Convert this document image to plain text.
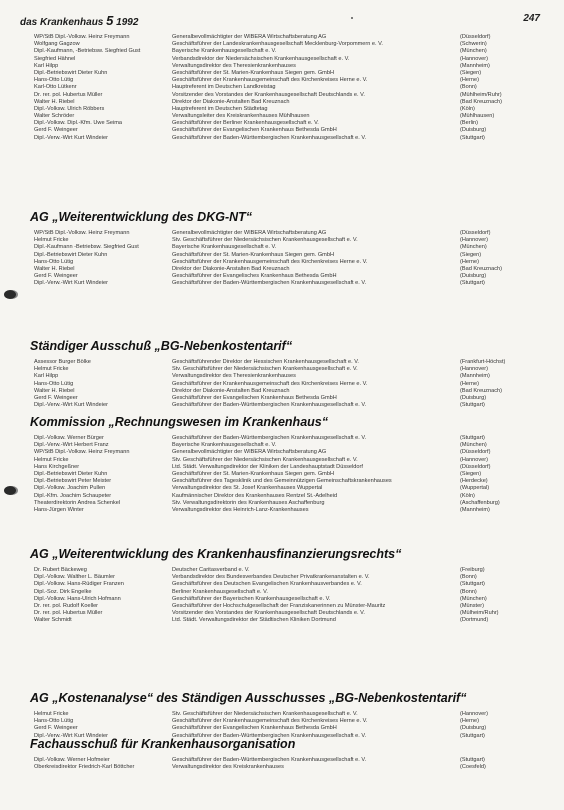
das Krankenhaus 5 1992	247
WP/StB Dipl.-Volksw. Heinz Freymann	Generalbevollmächtigter der WIBERA Wirtschaftsberatung AG	(Düsseldorf)
Wolfgang Gagzow	Geschäftsführer der Landeskrankenhausgesellschaft Mecklenburg-Vorpommern e. V.	(Schwerin)
Dipl.-Kaufmann, -Betriebsw. Siegfried Gust	Bayerische Krankenhausgesellschaft e. V.	(München)
Siegfried Hähnel	Verbandsdirektor der Niedersächsischen Krankenhausgesellschaft e. V.	(Hannover)
Karl Hilpp	Verwaltungsdirektor des Theresienkrankenhauses	(Mannheim)
Dipl.-Betriebswirt Dieter Kuhn	Geschäftsführer der St. Marien-Krankenhaus Siegen gem. GmbH	(Siegen)
Hans-Otto Lütig	Geschäftsführer der Krankenhausgemeinschaft des Kirchenkreises Herne e. V.	(Herne)
Karl-Otto Lütkenr	Hauptreferent im Deutschen Landkreistag	(Bonn)
Dr. rer. pol. Hubertus Müller	Vorsitzender des Vorstandes der Krankenhausgesellschaft Deutschlands e. V.	(Mühlheim/Ruhr)
Walter H. Riebel	Direktor der Diakonie-Anstalten Bad Kreuznach	(Bad Kreuznach)
Dipl.-Volksw. Ulrich Röbbers	Hauptreferent im Deutschen Städtetag	(Köln)
Walter Schröder	Verwaltungsleiter des Kreiskrankenhauses Mühlhausen	(Mühlhausen)
Dipl.-Volksw. Dipl.-Kfm. Uwe Seima	Geschäftsführer der Berliner Krankenhausgesellschaft e. V.	(Berlin)
Gerd F. Weingeer	Geschäftsführer der Evangelischen Krankenhaus Bethesda GmbH	(Duisburg)
Dipl.-Verw.-Wirt Kurt Windeier	Geschäftsführer der Baden-Württembergischen Krankenhausgesellschaft e. V.	(Stuttgart)
AG „Weiterentwicklung des DKG-NT“
WP/StB Dipl.-Volksw. Heinz Freymann	Generalbevollmächtigter der WIBERA Wirtschaftsberatung AG	(Düsseldorf)
Helmut Fricke	Stv. Geschäftsführer der Niedersächsischen Krankenhausgesellschaft e. V.	(Hannover)
Dipl.-Kaufmann -Betriebsw. Siegfried Gust	Bayerische Krankenhausgesellschaft e. V.	(München)
Dipl.-Betriebswirt Dieter Kuhn	Geschäftsführer der St. Marien-Krankenhaus Siegen gem. GmbH	(Siegen)
Hans-Otto Lütig	Geschäftsführer der Krankenhausgemeinschaft des Kirchenkreises Herne e. V.	(Herne)
Walter H. Riebel	Direktor der Diakonie-Anstalten Bad Kreuznach	(Bad Kreuznach)
Gerd F. Weingeer	Geschäftsführer der Evangelisches Krankenhaus Bethesda GmbH	(Duisburg)
Dipl.-Verw.-Wirt Kurt Windeier	Geschäftsführer der Baden-Württembergischen Krankenhausgesellschaft e. V.	(Stuttgart)
Ständiger Ausschuß „BG-Nebenkostentarif“
Assessor Burger Bölke	Geschäftsführender Direktor der Hessischen Krankenhausgesellschaft e. V.	(Frankfurt-Höchst)
Helmut Fricke	Stv. Geschäftsführer der Niedersächsischen Krankenhausgesellschaft e. V.	(Hannover)
Karl Hilpp	Verwaltungsdirektor des Theresienkrankenhauses	(Mannheim)
Hans-Otto Lütig	Geschäftsführer der Krankenhausgemeinschaft des Kirchenkreises Herne e. V.	(Herne)
Walter H. Riebel	Direktor der Diakonie-Anstalten Bad Kreuznach	(Bad Kreuznach)
Gerd F. Weingeer	Geschäftsführer der Evangelischen Krankenhaus Bethesda GmbH	(Duisburg)
Dipl.-Verw.-Wirt Kurt Windeier	Geschäftsführer der Baden-Württembergischen Krankenhausgesellschaft e. V.	(Stuttgart)
Kommission „Rechnungswesen im Krankenhaus“
Dipl.-Volksw. Werner Bürger	Geschäftsführer der Baden-Württembergischen Krankenhausgesellschaft e. V.	(Stuttgart)
Dipl.-Verw.-Wirt Herbert Franz	Bayerische Krankenhausgesellschaft e. V.	(München)
WP/StB Dipl.-Volksw. Heinz Freymann	Generalbevollmächtigter der WIBERA Wirtschaftsberatung AG	(Düsseldorf)
Helmut Fricke	Stv. Geschäftsführer der Niedersächsischen Krankenhausgesellschaft e. V.	(Hannover)
Hans Kirchgeßner	Ltd. Städt. Verwaltungsdirektor der Kliniken der Landeshauptstadt Düsseldorf	(Düsseldorf)
Dipl.-Betriebswirt Dieter Kuhn	Geschäftsführer der St. Marien-Krankenhaus Siegen gem. GmbH	(Siegen)
Dipl.-Betriebswirt Peter Meister	Geschäftsführer des Tagesklinik und des Gemeinnützigen Gemeinschaftskrankenhauses	(Herdecke)
Dipl.-Volksw. Joachim Pullen	Verwaltungsdirektor des St. Josef Krankenhauses Wuppertal	(Wuppertal)
Dipl.-Kfm. Joachim Schaupeter	Kaufmännischer Direktor des Krankenhauses Rentzel St.-Adelheid	(Köln)
Theaterdirektorin Andrea Schenkel	Stv. Verwaltungsdirektorin des Krankenhauses Aschaffenburg	(Aschaffenburg)
Hans-Jürgen Winter	Verwaltungsdirektor des Heinrich-Lanz-Krankenhauses	(Mannheim)
AG „Weiterentwicklung des Krankenhausfinanzierungsrechts“
Dr. Rubert Bäckeweg	Deutscher Caritasverband e. V.	(Freiburg)
Dipl.-Volksw. Walther L. Bäumler	Verbandsdirektor des Bundesverbandes Deutscher Privatkrankenanstalten e. V.	(Bonn)
Dipl.-Volksw. Hans-Rüdiger Franzen	Geschäftsführer des Deutschen Evangelischen Krankenhausverbandes e. V.	(Stuttgart)
Dipl.-Soz. Dirk Engelke	Berliner Krankenhausgesellschaft e. V.	(Bonn)
Dipl.-Volksw. Hans-Ulrich Hofmann	Geschäftsführer der Bayerischen Krankenhausgesellschaft e. V.	(München)
Dr. rer. pol. Rudolf Koeller	Geschäftsführer der Hochschulgesellschaft der Franziskanerinnen zu Münster-Mauritz	(Münster)
Dr. rer. pol. Hubertus Müller	Vorsitzender des Vorstandes der Krankenhausgesellschaft Deutschlands e. V.	(Mülheim/Ruhr)
Walter Schmidt	Ltd. Städt. Verwaltungsdirektor der Städtischen Kliniken Dortmund	(Dortmund)
AG „Kostenanalyse“ des Ständigen Ausschusses „BG-Nebenkostentarif“
Helmut Fricke	Stv. Geschäftsführer der Niedersächsischen Krankenhausgesellschaft e. V.	(Hannover)
Hans-Otto Lütig	Geschäftsführer der Krankenhausgemeinschaft des Kirchenkreises Herne e. V.	(Herne)
Gerd F. Weingeer	Geschäftsführer der Evangelischen Krankenhaus Bethesda GmbH	(Duisburg)
Dipl.-Verw.-Wirt Kurt Windeier	Geschäftsführer der Baden-Württembergischen Krankenhausgesellschaft e. V.	(Stuttgart)
Fachausschuß für Krankenhausorganisation
Dipl.-Volksw. Werner Hofmeier	Geschäftsführer der Baden-Württembergischen Krankenhausgesellschaft e. V.	(Stuttgart)
Oberkreisdirektor Friedrich-Karl Böttcher	Verwaltungsdirektor des Kreiskrankenhauses	(Coesfeld)
